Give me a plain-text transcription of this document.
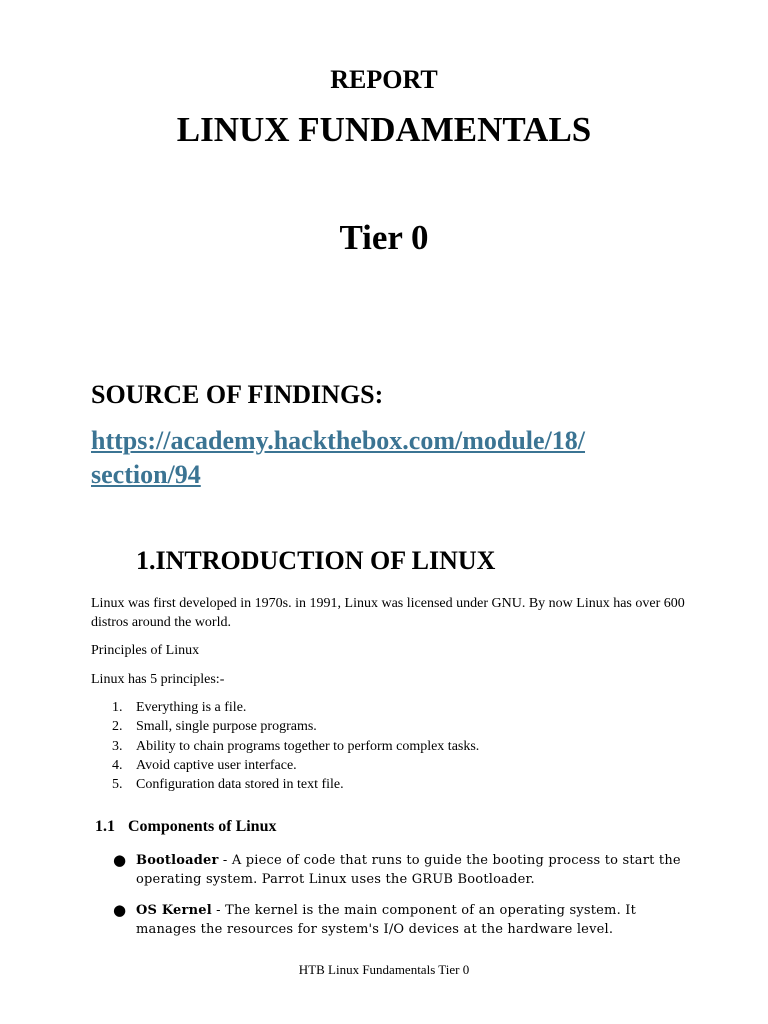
REPORT
LINUX FUNDAMENTALS
Tier 0
SOURCE OF FINDINGS:
https://academy.hackthebox.com/module/18/
section/94
1.INTRODUCTION OF LINUX

Linux was first developed in 1970s. in 1991, Linux was licensed under GNU. By now Linux has over 600 distros around the world.

Principles of Linux

Linux has 5 principles:-

1. Everything is a file.
2. Small, single purpose programs.
3. Ability to chain programs together to perform complex tasks.
4. Avoid captive user interface.
5. Configuration data stored in text file.
1.1 Components of Linux
● Bootloader - A piece of code that runs to guide the booting process to start the operating system. Parrot Linux uses the GRUB Bootloader.
● OS Kernel - The kernel is the main component of an operating system. It manages the resources for system's I/O devices at the hardware level.

HTB Linux Fundamentals Tier 0
